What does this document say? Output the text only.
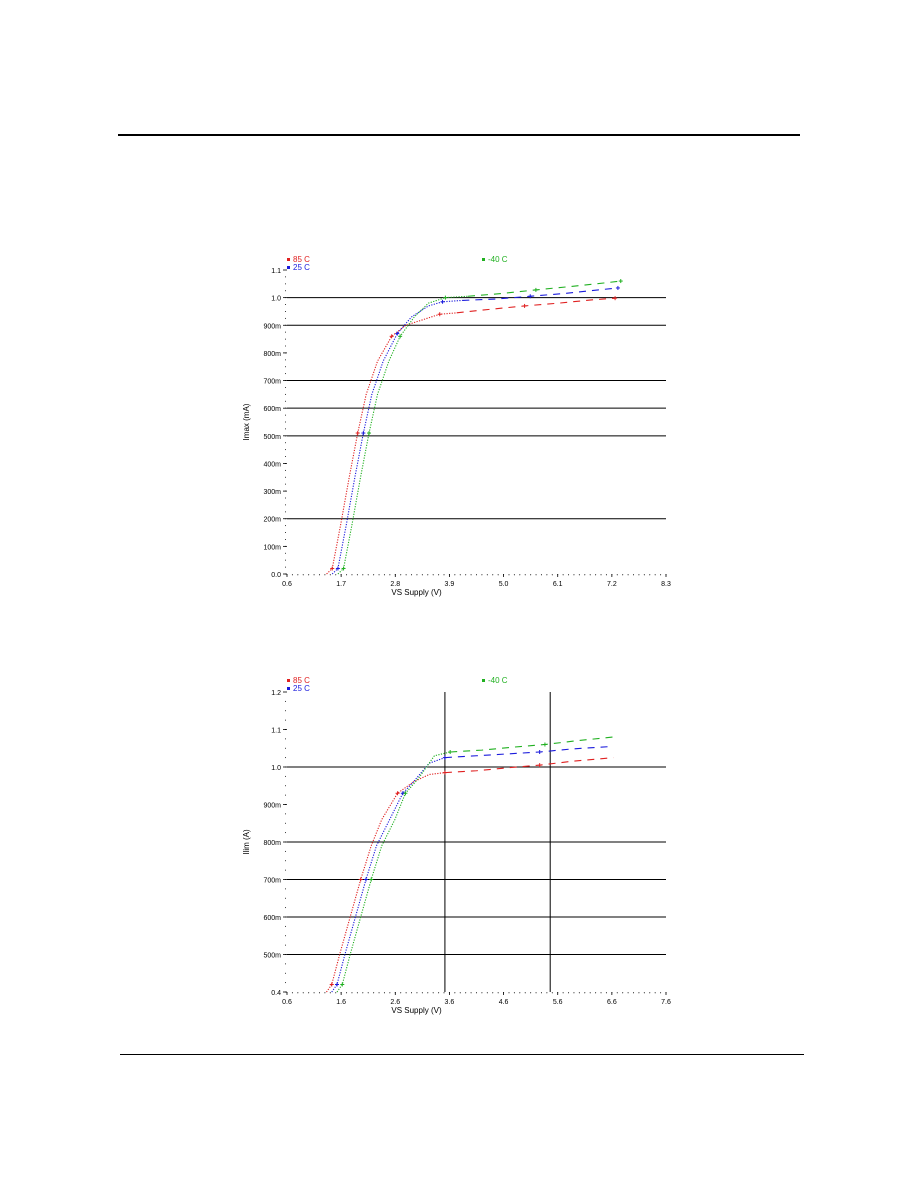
0.0
100m
200m
300m
400m
500m
600m
700m
800m
900m
1.0
1.1
0.6	1.7	2.8	3.9	5.0	6.1	7.2	8.3
VS Supply (V)
Imax (mA)
85 C
25 C
-40 C
0.4
500m
600m
700m
800m
900m
1.0
1.1
1.2
0.6	1.6	2.6	3.6	4.6	5.6	6.6	7.6
VS Supply (V)
Ilim (A)
85 C
25 C
-40 C
